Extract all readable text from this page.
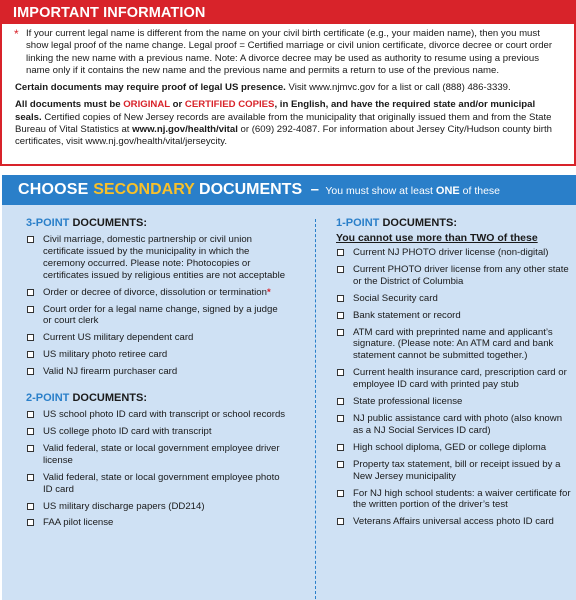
IMPORTANT INFORMATION
* If your current legal name is different from the name on your civil birth certificate (e.g., your maiden name), then you must show legal proof of the name change. Legal proof = Certified marriage or civil union certificate, divorce decree or court order linking the new name with a previous name. Note: A divorce decree may be used as authority to resume using a previous name only if it contains the new name and the previous name and permits a return to use of the previous name.

Certain documents may require proof of legal US presence. Visit www.njmvc.gov for a list or call (888) 486-3339.

All documents must be ORIGINAL or CERTIFIED COPIES, in English, and have the required state and/or municipal seals. Certified copies of New Jersey records are available from the municipality that originally issued them and from the State Bureau of Vital Statistics at www.nj.gov/health/vital or (609) 292-4087. For information about Jersey City/Hudson county birth certificates, visit www.nj.gov/health/vital/jerseycity.

CHOOSE SECONDARY DOCUMENTS – You must show at least ONE of these
3-POINT DOCUMENTS:
Civil marriage, domestic partnership or civil union certificate issued by the municipality in which the ceremony occurred. Please note: Photocopies or certificates issued by religious entities are not acceptable
Order or decree of divorce, dissolution or termination*
Court order for a legal name change, signed by a judge or court clerk
Current US military dependent card
US military photo retiree card
Valid NJ firearm purchaser card
2-POINT DOCUMENTS:
US school photo ID card with transcript or school records
US college photo ID card with transcript
Valid federal, state or local government employee driver license
Valid federal, state or local government employee photo ID card
US military discharge papers (DD214)
FAA pilot license
1-POINT DOCUMENTS:
You cannot use more than TWO of these
Current NJ PHOTO driver license (non-digital)
Current PHOTO driver license from any other state or the District of Columbia
Social Security card
Bank statement or record
ATM card with preprinted name and applicant’s signature. (Please note: An ATM card and bank statement cannot be submitted together.)
Current health insurance card, prescription card or employee ID card with printed pay stub
State professional license
NJ public assistance card with photo (also known as a NJ Social Services ID card)
High school diploma, GED or college diploma
Property tax statement, bill or receipt issued by a New Jersey municipality
For NJ high school students: a waiver certificate for the written portion of the driver’s test
Veterans Affairs universal access photo ID card
